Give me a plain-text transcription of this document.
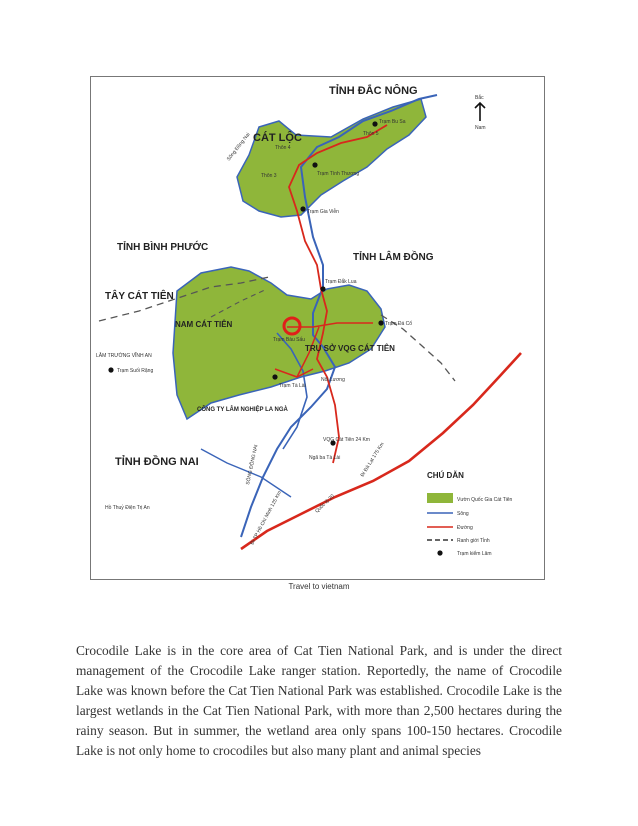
TỈNH ĐẮC NÔNG
CÁT LỘC
TỈNH BÌNH PHƯỚC
TỈNH LÂM ĐỒNG
TÂY CÁT TIÊN
NAM CÁT TIÊN
TRỤ SỞ VQG CÁT TIÊN
CÔNG TY LÂM NGHIỆP LA NGÀ
TỈNH ĐỒNG NAI
Sông Đồng Nai
SÔNG ĐỒNG NAI
LÂM TRƯỜNG VĨNH AN
Trạm Suối Rặng
Hồ Thuỷ Điện Trị An
Trạm Bu Sa
Thôn 5
Thôn 4
Thôn 3	Trạm Tình Thương
Trạm Gia Viễn
Trạm Đắk Lua
Trạm Bàu Sấu
Trạm Đá Cổ
Nôi Lương
Trạm Tà Lài
VQG Cát Tiên 24 Km
Ngã ba Tà Lài
Đi TP Hồ Chí Minh 125 Km	Quốc lộ 20
Đi Đà Lạt 175 Km
Bắc
Nam
CHÚ DẪN
Vườn Quốc Gia Cát Tiên
Sông
Đường
Ranh giới Tỉnh
Trạm kiểm Lâm
Travel to vietnam

Crocodile Lake is in the core area of Cat Tien National Park, and is under the direct management of the Crocodile Lake ranger station. Reportedly, the name of Crocodile Lake was known before the Cat Tien National Park was established. Crocodile Lake is the largest wetlands in the Cat Tien National Park, with more than 2,500 hectares during the rainy season. But in summer, the wetland area only spans 100-150 hectares. Crocodile Lake is not only home to crocodiles but also many plant and animal species
